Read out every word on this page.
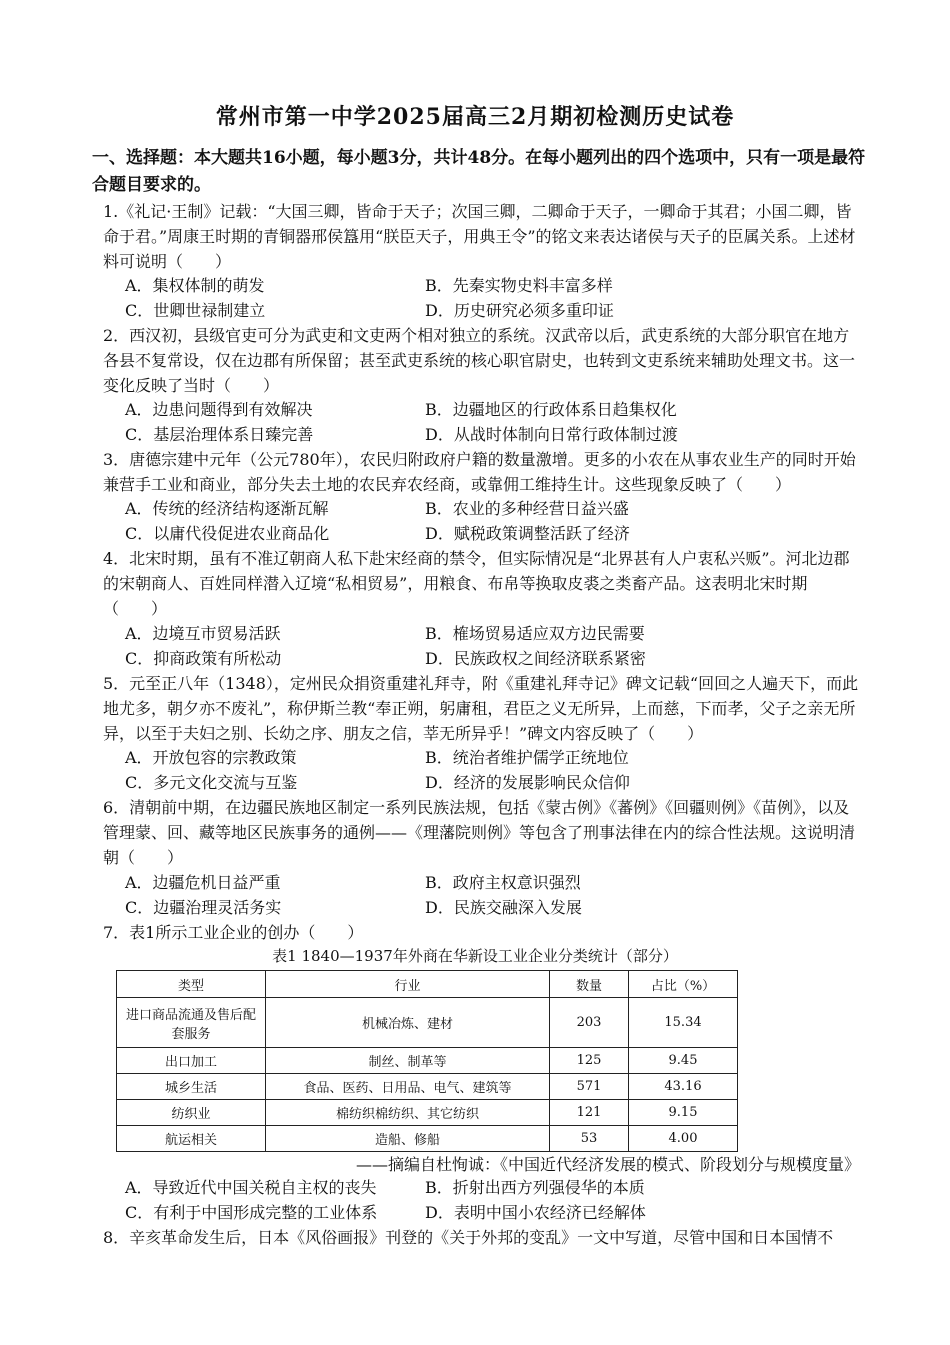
常州市第一中学2025届高三2月期初检测历史试卷
一、选择题：本大题共16小题，每小题3分，共计48分。在每小题列出的四个选项中，只有一项是最符合题目要求的。
1.《礼记·王制》记载：“大国三卿，皆命于天子；次国三卿，二卿命于天子，一卿命于其君；小国二卿，皆命于君。”周康王时期的青铜器邢侯簋用“朕臣天子，用典王令”的铭文来表达诸侯与天子的臣属关系。上述材料可说明（　　）
A．集权体制的萌发	B．先秦实物史料丰富多样
C．世卿世禄制建立	D．历史研究必须多重印证
2．西汉初，县级官吏可分为武吏和文吏两个相对独立的系统。汉武帝以后，武吏系统的大部分职官在地方各县不复常设，仅在边郡有所保留；甚至武吏系统的核心职官尉史，也转到文吏系统来辅助处理文书。这一变化反映了当时（　　）
A．边患问题得到有效解决	B．边疆地区的行政体系日趋集权化
C．基层治理体系日臻完善	D．从战时体制向日常行政体制过渡
3．唐德宗建中元年（公元780年），农民归附政府户籍的数量激增。更多的小农在从事农业生产的同时开始兼营手工业和商业，部分失去土地的农民弃农经商，或靠佣工维持生计。这些现象反映了（　　）
A．传统的经济结构逐渐瓦解	B．农业的多种经营日益兴盛
C．以庸代役促进农业商品化	D．赋税政策调整活跃了经济
4．北宋时期，虽有不准辽朝商人私下赴宋经商的禁令，但实际情况是“北界甚有人户衷私兴贩”。河北边郡的宋朝商人、百姓同样潜入辽境“私相贸易”，用粮食、布帛等换取皮裘之类畜产品。这表明北宋时期（　　）
A．边境互市贸易活跃	B．榷场贸易适应双方边民需要
C．抑商政策有所松动	D．民族政权之间经济联系紧密
5．元至正八年（1348），定州民众捐资重建礼拜寺，附《重建礼拜寺记》碑文记载“回回之人遍天下，而此地尤多，朝夕亦不废礼”，称伊斯兰教“奉正朔，躬庸租，君臣之义无所异，上而慈，下而孝，父子之亲无所异，以至于夫妇之别、长幼之序、朋友之信，莘无所异乎！”碑文内容反映了（　　）
A．开放包容的宗教政策	B．统治者维护儒学正统地位
C．多元文化交流与互鉴	D．经济的发展影响民众信仰
6．清朝前中期，在边疆民族地区制定一系列民族法规，包括《蒙古例》《蕃例》《回疆则例》《苗例》，以及管理蒙、回、藏等地区民族事务的通例——《理藩院则例》等包含了刑事法律在内的综合性法规。这说明清朝（　　）
A．边疆危机日益严重	B．政府主权意识强烈
C．边疆治理灵活务实	D．民族交融深入发展
7．表1所示工业企业的创办（　　）
表1 1840—1937年外商在华新设工业企业分类统计（部分）
类型	行业	数量	占比（%）
进口商品流通及售后配套服务	机械冶炼、建材	203	15.34
出口加工	制丝、制革等	125	9.45
城乡生活	食品、医药、日用品、电气、建筑等	571	43.16
纺织业	棉纺织棉纺织、其它纺织	121	9.15
航运相关	造船、修船	53	4.00
——摘编自杜恂诚：《中国近代经济发展的模式、阶段划分与规模度量》
A．导致近代中国关税自主权的丧失	B．折射出西方列强侵华的本质
C．有利于中国形成完整的工业体系	D．表明中国小农经济已经解体
8．辛亥革命发生后，日本《风俗画报》刊登的《关于外邦的变乱》一文中写道，尽管中国和日本国情不
